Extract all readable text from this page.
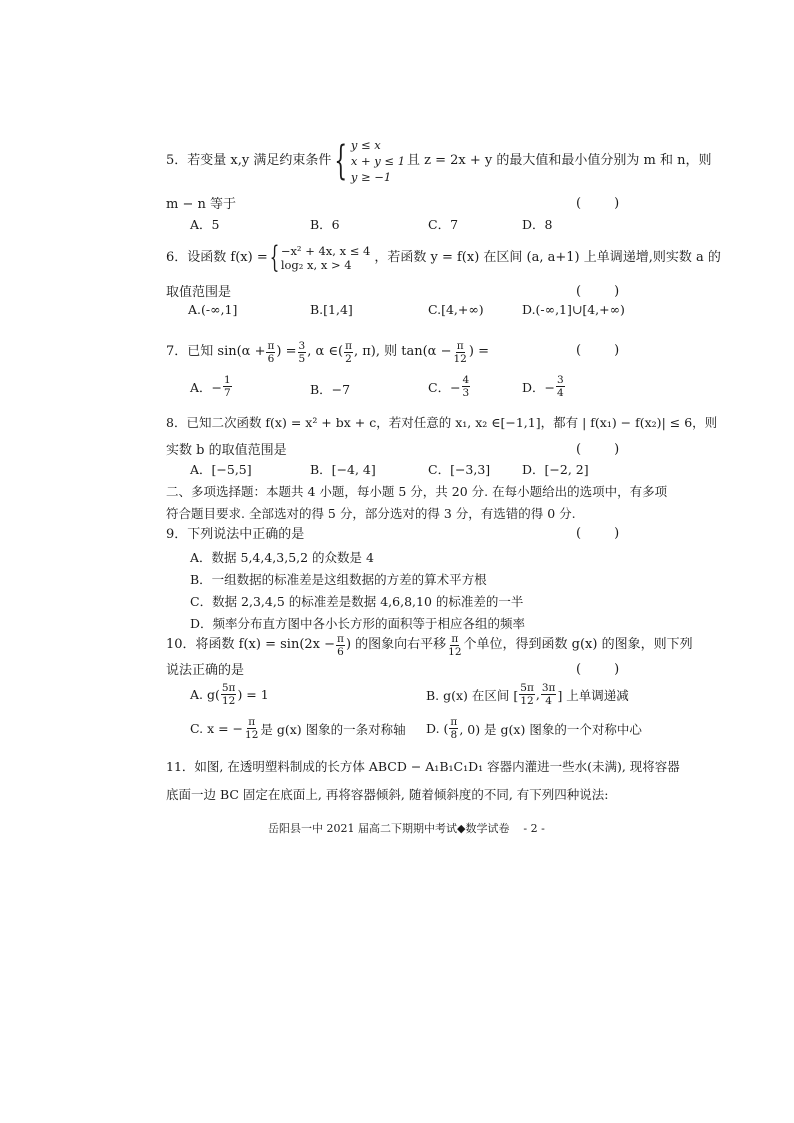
5．若变量 x,y 满足约束条件 { y ≤ x
x + y ≤ 1
y ≥ −1
且 z = 2x + y 的最大值和最小值分别为 m 和 n，则
m − n 等于	(        )
A．5	B．6	C．7	D．8
6．设函数 f(x) = { −x² + 4x, x ≤ 4
log₂ x, x > 4	，若函数 y = f(x) 在区间 (a, a+1) 上单调递增,则实数 a 的
取值范围是	(        )
A.(-∞,1]	B.[1,4]	C.[4,+∞)	D.(-∞,1]∪[4,+∞)
7．已知 $\sin(\alpha + \frac{\pi}{6}$ ) = $\frac{3}{5}$ , α ∈( $\frac{\pi}{2}$ , π), 则 $\tan(\alpha - \frac{\pi}{12}$ ) =	(        )
A．− $\frac{1}{7}$	B．−7	C．− $\frac{4}{3}$	D．− $\frac{3}{4}$
8．已知二次函数 f(x) = x² + bx + c，若对任意的 x₁, x₂ ∈[−1,1]，都有 | f(x₁) − f(x₂)| ≤ 6，则
实数 b 的取值范围是	(        )
A．[−5,5]	B．[−4, 4]	C．[−3,3]	D．[−2, 2]
二、多项选择题：本题共 4 小题，每小题 5 分，共 20 分. 在每小题给出的选项中，有多项
符合题目要求. 全部选对的得 5 分，部分选对的得 3 分，有选错的得 0 分.
9．下列说法中正确的是	(        )
A．数据 5,4,4,3,5,2 的众数是 4
B．一组数据的标准差是这组数据的方差的算术平方根
C．数据 2,3,4,5 的标准差是数据 4,6,8,10 的标准差的一半
D．频率分布直方图中各小长方形的面积等于相应各组的频率
10．将函数 $f(x) = \sin(2x - \frac{\pi}{6}$ ) 的图象向右平移 $\frac{\pi}{12}$ 个单位，得到函数 g(x) 的图象，则下列
说法正确的是	(        )
A. $g( \frac{5\pi}{12}$ ) = 1	B. g(x) 在区间 [ $\frac{5\pi}{12}$ , $\frac{3\pi}{4}$ ] 上单调递减
C. x = − $\frac{\pi}{12}$ 是 g(x) 图象的一条对称轴 D. ( $\frac{\pi}{8}$ , 0) 是 g(x) 图象的一个对称中心
11．如图, 在透明塑料制成的长方体 ABCD − A₁B₁C₁D₁ 容器内灌进一些水(未满), 现将容器
底面一边 BC 固定在底面上, 再将容器倾斜, 随着倾斜度的不同, 有下列四种说法:
岳阳县一中 2021 届高二下期期中考试◆数学试卷    - 2 -
